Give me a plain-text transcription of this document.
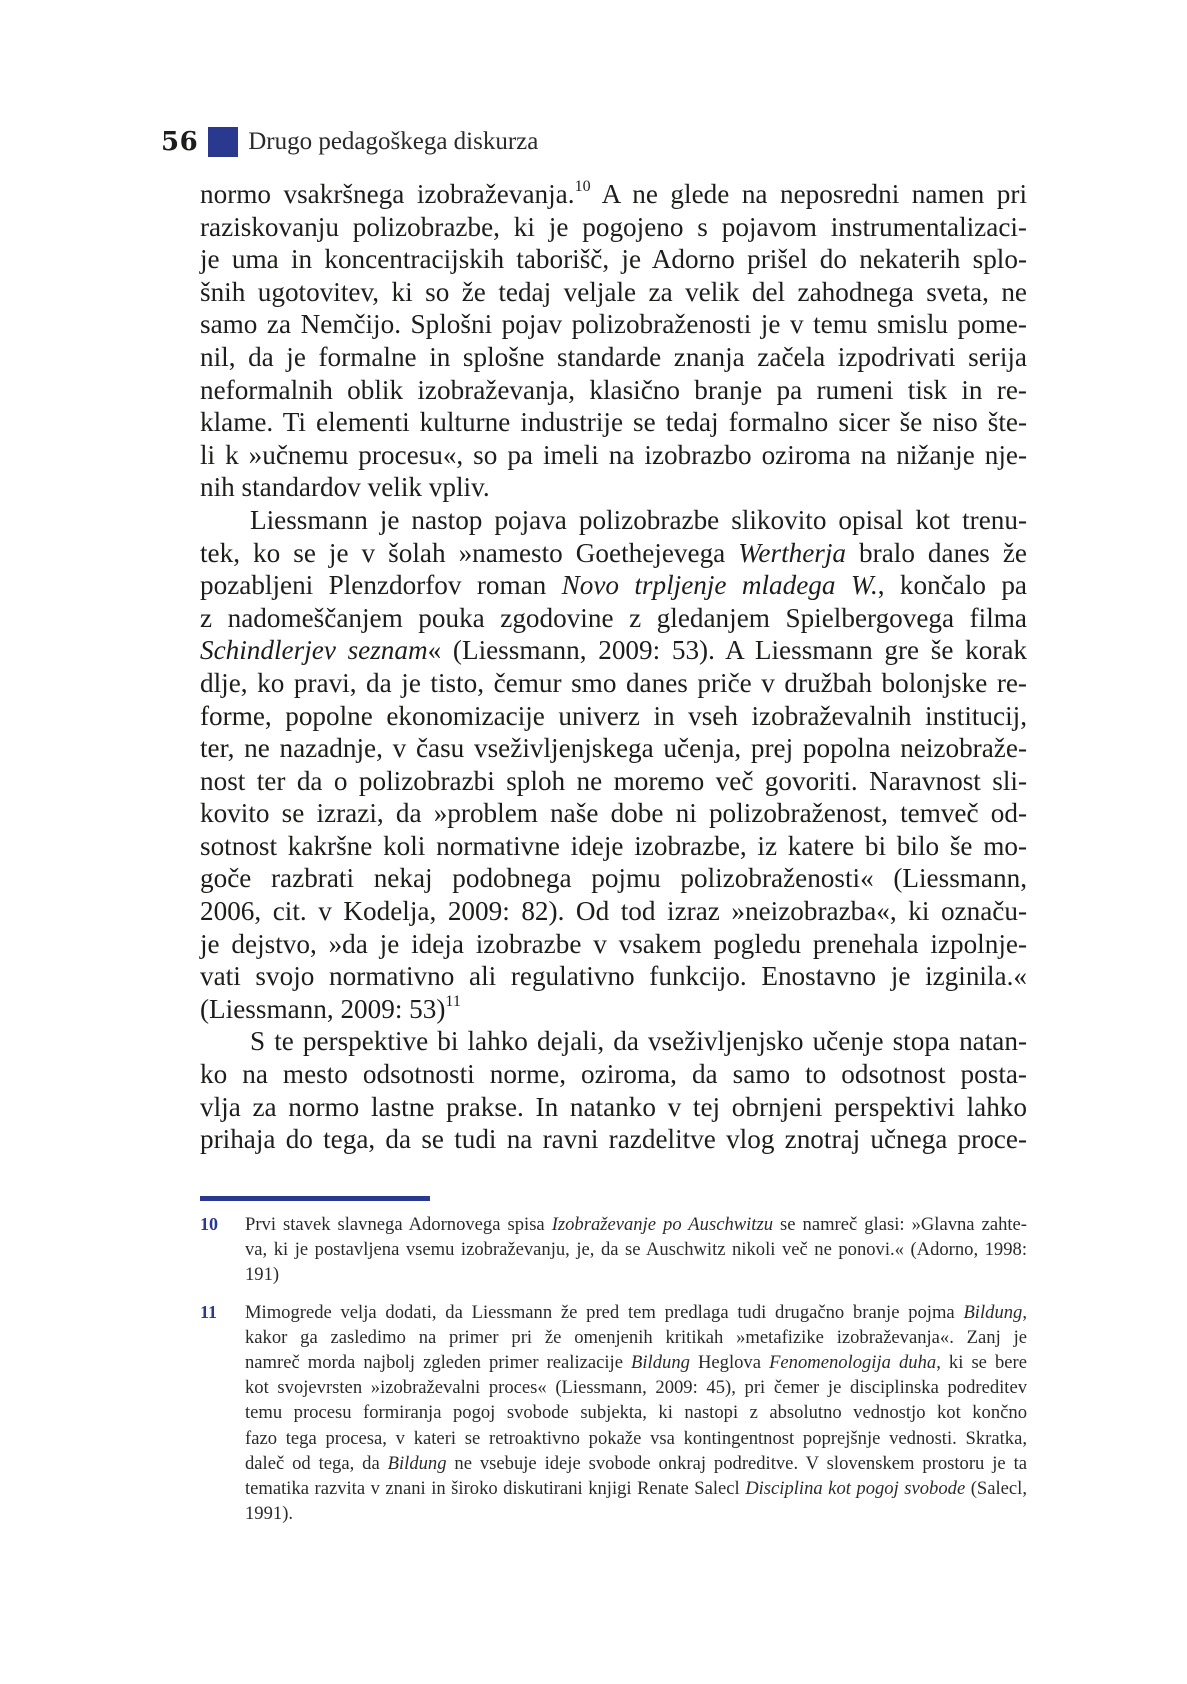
56 Drugo pedagoškega diskurza
normo vsakršnega izobraževanja.$^{10}$ A ne glede na neposredni namen pri
raziskovanju polizobrazbe, ki je pogojeno s pojavom instrumentalizaci-
je uma in koncentracijskih taborišč, je Adorno prišel do nekaterih splo-
šnih ugotovitev, ki so že tedaj veljale za velik del zahodnega sveta, ne
samo za Nemčijo. Splošni pojav polizobraženosti je v temu smislu pome-
nil, da je formalne in splošne standarde znanja začela izpodrivati serija
neformalnih oblik izobraževanja, klasično branje pa rumeni tisk in re-
klame. Ti elementi kulturne industrije se tedaj formalno sicer še niso šte-
li k »učnemu procesu«, so pa imeli na izobrazbo oziroma na nižanje nje-
nih standardov velik vpliv.
Liessmann je nastop pojava polizobrazbe slikovito opisal kot trenu-
tek, ko se je v šolah »namesto Goethejevega Wertherja bralo danes že
pozabljeni Plenzdorfov roman Novo trpljenje mladega W., končalo pa
z nadomeščanjem pouka zgodovine z gledanjem Spielbergovega filma
Schindlerjev seznam« (Liessmann, 2009: 53). A Liessmann gre še korak
dlje, ko pravi, da je tisto, čemur smo danes priče v družbah bolonjske re-
forme, popolne ekonomizacije univerz in vseh izobraževalnih institucij,
ter, ne nazadnje, v času vseživljenjskega učenja, prej popolna neizobraže-
nost ter da o polizobrazbi sploh ne moremo več govoriti. Naravnost sli-
kovito se izrazi, da »problem naše dobe ni polizobraženost, temveč od-
sotnost kakršne koli normativne ideje izobrazbe, iz katere bi bilo še mo-
goče razbrati nekaj podobnega pojmu polizobraženosti« (Liessmann,
2006, cit. v Kodelja, 2009: 82). Od tod izraz »neizobrazba«, ki označu-
je dejstvo, »da je ideja izobrazbe v vsakem pogledu prenehala izpolnje-
vati svojo normativno ali regulativno funkcijo. Enostavno je izginila.«
(Liessmann, 2009: 53)$^{11}$
S te perspektive bi lahko dejali, da vseživljenjsko učenje stopa natan-
ko na mesto odsotnosti norme, oziroma, da samo to odsotnost posta-
vlja za normo lastne prakse. In natanko v tej obrnjeni perspektivi lahko
prihaja do tega, da se tudi na ravni razdelitve vlog znotraj učnega proce-
10 Prvi stavek slavnega Adornovega spisa Izobraževanje po Auschwitzu se namreč glasi: »Glavna zahte-
va, ki je postavljena vsemu izobraževanju, je, da se Auschwitz nikoli več ne ponovi.« (Adorno, 1998:
191)
11 Mimogrede velja dodati, da Liessmann že pred tem predlaga tudi drugačno branje pojma Bildung,
kakor ga zasledimo na primer pri že omenjenih kritikah »metafizike izobraževanja«. Zanj je
namreč morda najbolj zgleden primer realizacije Bildung Heglova Fenomenologija duha, ki se bere
kot svojevrsten »izobraževalni proces« (Liessmann, 2009: 45), pri čemer je disciplinska podreditev
temu procesu formiranja pogoj svobode subjekta, ki nastopi z absolutno vednostjo kot končno
fazo tega procesa, v kateri se retroaktivno pokaže vsa kontingentnost poprejšnje vednosti. Skratka,
daleč od tega, da Bildung ne vsebuje ideje svobode onkraj podreditve. V slovenskem prostoru je ta
tematika razvita v znani in široko diskutirani knjigi Renate Salecl Disciplina kot pogoj svobode (Salecl,
1991).
